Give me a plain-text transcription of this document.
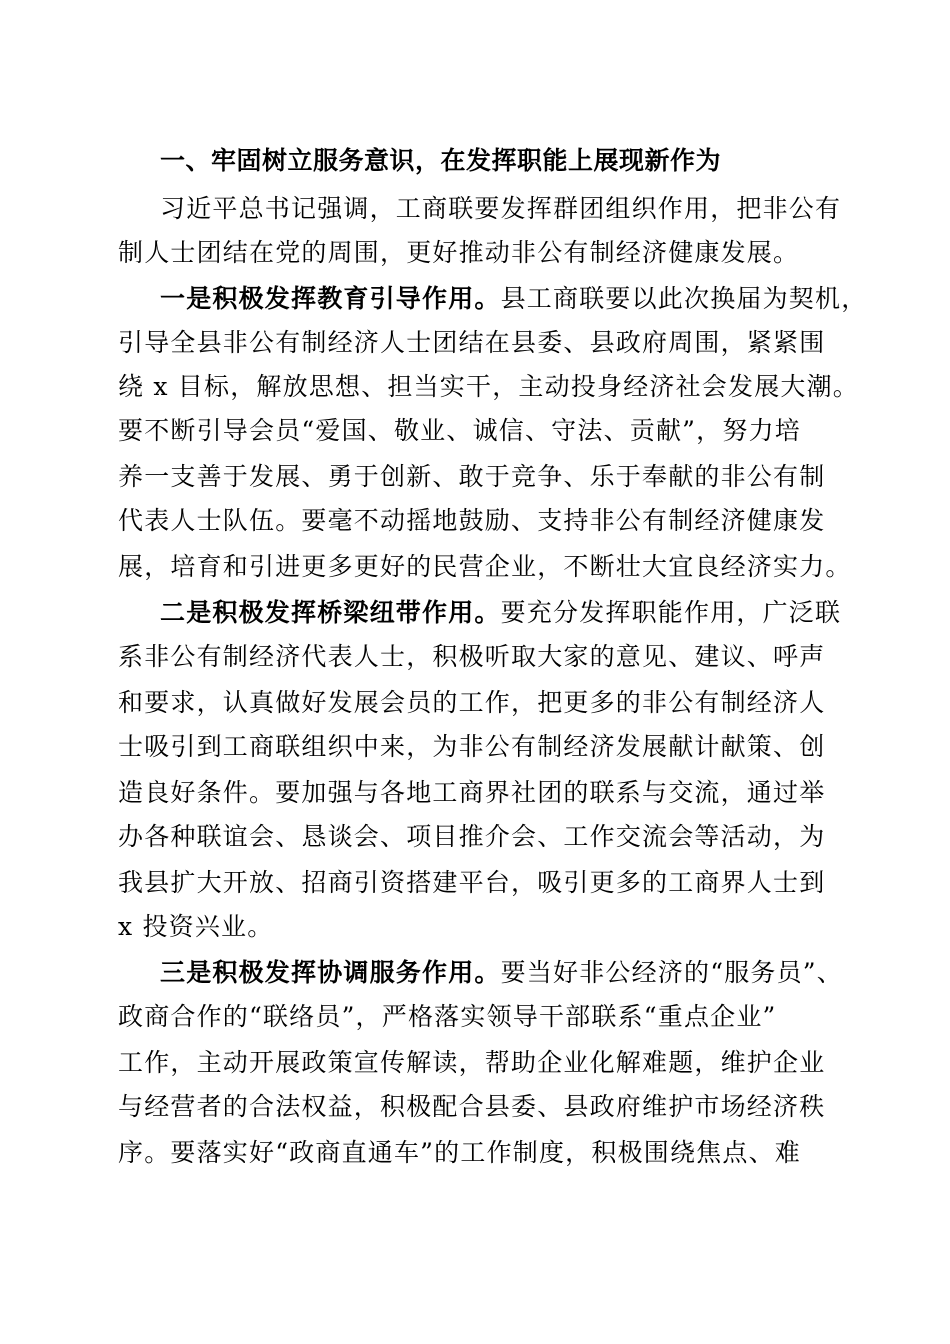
一、牢固树立服务意识，在发挥职能上展现新作为
习近平总书记强调，工商联要发挥群团组织作用，把非公有
制人士团结在党的周围，更好推动非公有制经济健康发展。
一是积极发挥教育引导作用。县工商联要以此次换届为契机，
引导全县非公有制经济人士团结在县委、县政府周围，紧紧围
绕 x 目标，解放思想、担当实干，主动投身经济社会发展大潮。
要不断引导会员“爱国、敬业、诚信、守法、贡献”，努力培
养一支善于发展、勇于创新、敢于竞争、乐于奉献的非公有制
代表人士队伍。要毫不动摇地鼓励、支持非公有制经济健康发
展，培育和引进更多更好的民营企业，不断壮大宜良经济实力。
二是积极发挥桥梁纽带作用。要充分发挥职能作用，广泛联
系非公有制经济代表人士，积极听取大家的意见、建议、呼声
和要求，认真做好发展会员的工作，把更多的非公有制经济人
士吸引到工商联组织中来，为非公有制经济发展献计献策、创
造良好条件。要加强与各地工商界社团的联系与交流，通过举
办各种联谊会、恳谈会、项目推介会、工作交流会等活动，为
我县扩大开放、招商引资搭建平台，吸引更多的工商界人士到
x 投资兴业。
三是积极发挥协调服务作用。要当好非公经济的“服务员”、
政商合作的“联络员”，严格落实领导干部联系“重点企业”
工作，主动开展政策宣传解读，帮助企业化解难题，维护企业
与经营者的合法权益，积极配合县委、县政府维护市场经济秩
序。要落实好“政商直通车”的工作制度，积极围绕焦点、难
